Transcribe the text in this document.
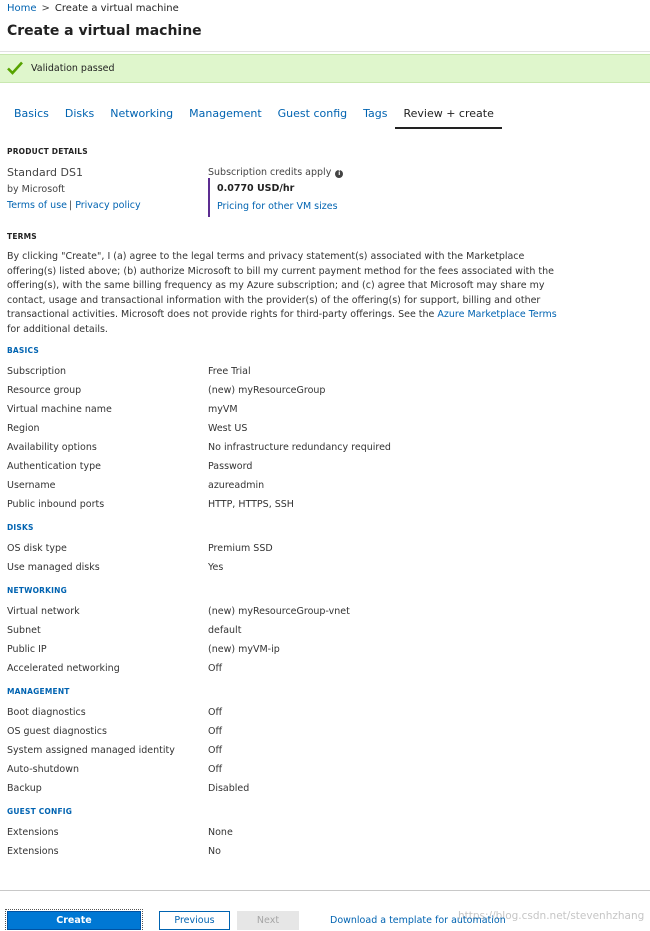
Home > Create a virtual machine
Create a virtual machine
Validation passed
Basics	Disks	Networking	Management	Guest config	Tags	Review + create
PRODUCT DETAILS
Standard DS1
by Microsoft
Terms of use | Privacy policy
Subscription credits apply i
0.0770 USD/hr
Pricing for other VM sizes
TERMS
By clicking "Create", I (a) agree to the legal terms and privacy statement(s) associated with the Marketplace offering(s) listed above; (b) authorize Microsoft to bill my current payment method for the fees associated with the offering(s), with the same billing frequency as my Azure subscription; and (c) agree that Microsoft may share my contact, usage and transactional information with the provider(s) of the offering(s) for support, billing and other transactional activities. Microsoft does not provide rights for third-party offerings. See the Azure Marketplace Terms for additional details.
BASICS
Subscription	Free Trial
Resource group	(new) myResourceGroup
Virtual machine name	myVM
Region	West US
Availability options	No infrastructure redundancy required
Authentication type	Password
Username	azureadmin
Public inbound ports	HTTP, HTTPS, SSH
DISKS
OS disk type	Premium SSD
Use managed disks	Yes
NETWORKING
Virtual network	(new) myResourceGroup-vnet
Subnet	default
Public IP	(new) myVM-ip
Accelerated networking	Off
MANAGEMENT
Boot diagnostics	Off
OS guest diagnostics	Off
System assigned managed identity	Off
Auto-shutdown	Off
Backup	Disabled
GUEST CONFIG
Extensions	None
Extensions	No
Create	Previous	Next	https://blog.csdn.net/stevenhzhang
Download a template for automation
